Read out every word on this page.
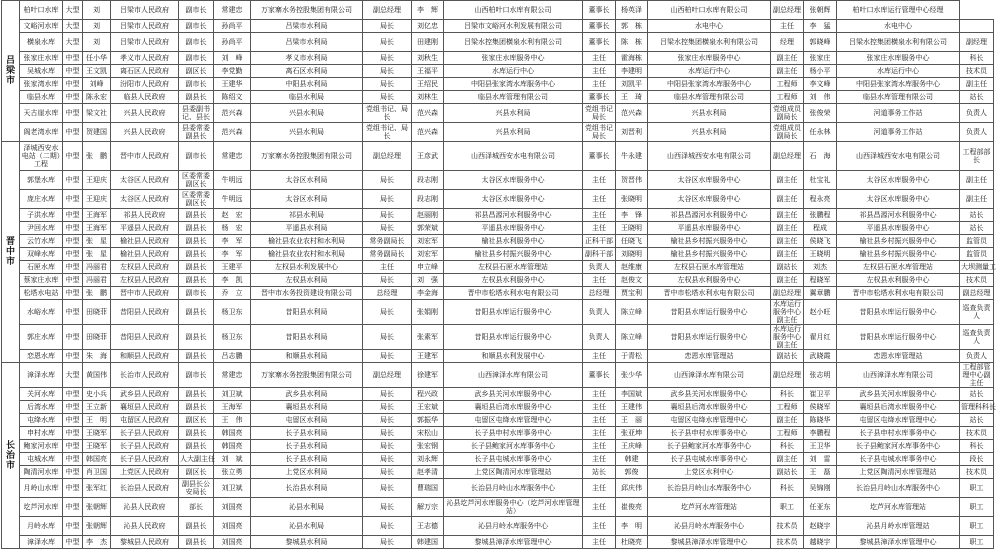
吕梁市	柏叶口水库	大型	刘	吕梁市人民政府	副市长	常建忠	万家寨水务控股集团有限公司	副总经理	李　辉	山西柏叶口水库有限公司	董事长	杨英泽	山西柏叶口水库有限公司	副总经理	张朝辉	柏叶口水库运行管理中心经理	
	文峪河水库	大型	刘	吕梁市人民政府	副市长	孙尚平	吕梁市水利局	局长	刘亿忠	吕梁市文峪河水利发展有限公司	董事长	郭　栋	水电中心	主任	李　猛	水电中心	
	横泉水库	大型	刘	吕梁市人民政府	副市长	孙尚平	吕梁市水利局	局长	田建刚	吕梁水控集团横泉水利有限公司	董事长	陈　栋	吕梁水控集团横泉水利有限公司	经理	郭晓峰	吕梁水控集团横泉水利有限公司	副经理
	张家庄水库	中型	任小华	孝义市人民政府	副市长	刘　峰	孝义市水利局	局长	刘秋生	张家庄水库服务中心	主任	霍海栋	张家庄水库服务中心	副主任	张家庄	张家庄水库服务中心	科长
	吴城水库	中型	王文凯	离石区人民政府	副区长	李党勤	离石区水利局	局长	王福平	水库运行中心	主任	李建明	水库运行中心	副主任	杨小平	水库运行中心	技术员
	张家湾水库	中型	刘峰	汾阳市人民政府	副市长	王建华	中阳县水利局	局长	王绍民	中阳县张家湾水库服务中心	主任	刘凯平	中阳县张家湾水库服务中心	工程师	李文峰	中阳县张家湾水库服务中心	副主任
	临县水库	中型	陈永宏	临县人民政府	副县长	陈绍文	临县水利局	局长	刘林生	临县水库管理有限公司	董事长	王　琦	临县水库管理有限公司	工程师	刘　伟	临县水库管理有限公司	站长
	天古崖水库	中型	梁文社	兴县人民政府	县委副书记、县长	范兴森	兴县水利局	党组书记、局长	范兴森	兴县水利局	党组书记局长	范兴森	兴县水利局	党组成员副局长	张俊荣	河道事务工作站	负责人
	阁老湾水库	中型	贺建国	兴县人民政府	县委常委副县长	范兴森	兴县水利局	党组书记、局长	范兴森	兴县水利局	党组书记局长	刘晋利	兴县水利局	党组成员副局长	任永林	河道事务工作站	负责人
晋中市	泽城西安水电站（二期）工程	中型	张　鹏	晋中市人民政府	副市长	常建忠	万家寨水务控股集团有限公司	副总经理	王彦武	山西泽城西安水电有限公司	董事长	牛永建	山西泽城西安水电有限公司	副总经理	石　海	山西泽城西安水电有限公司	工程部部长
	郭堡水库	中型	王迎庆	太谷区人民政府	区委常委副区长	牛明远	太谷区水利局	局长	段志刚	太谷区水库服务中心	主任	贺晋伟	太谷区水库服务中心	副主任	杜宝礼	太谷区水库服务中心	副主任
	庞庄水库	中型	王迎庆	太谷区人民政府	区委常委副区长	牛明远	太谷区水利局	局长	段志刚	太谷区水库服务中心	主任	张晓明	太谷区水库服务中心	副主任	程永亮	太谷区水库服务中心	副主任
	子洪水库	中型	王海军	祁县人民政府	副县长	赵　宏	祁县水利局	局长	赵丽刚	祁县昌源河水利服务中心	主任	李　锋	祁县昌源河水利服务中心	副主任	张鹏程	祁县昌源河水利服务中心	站长
	尹回水库	中型	王海军	平遥县人民政府	副县长	杨　宏	平遥县水利局	局长	郭荣斌	平遥县水库服务中心	主任	王晓明	平遥县水库服务中心	副主任	程成	平遥县水库服务中心	站长
	云竹水库	中型	张　星	榆社县人民政府	副县长	李　军	榆社县农业农村和水利局	常务副局长	刘宏军	榆社县水利服务中心	正科干部	任晓飞	榆社县乡村振兴服务中心	副主任	侯晓飞	榆社县乡村振兴服务中心	监管员
	双峰水库	中型	张　星	榆社县人民政府	副县长	李　军	榆社县农业农村和水利局	常务副局长	刘宏军	榆社县乡村振兴服务中心	副科干部	刘晓明	榆社县乡村振兴服务中心	副主任	王晓明	榆社县乡村振兴服务中心	监管员
	石匣水库	中型	冯丽君	左权县人民政府	副县长	王建平	左权县水利发展中心	主任	申立峰	左权县石匣水库管理站	负责人	赵维康	左权县石匣水库管理站	副站长	刘杰	左权县石匣水库管理站	大坝测量工
	蔡家庄水库	中型	冯丽君	左权县人民政府	副县长	李　凯	左权县水利局	局长	刘　强	左权县水利服务中心	主任	赵俊文	左权县水利服务中心	副主任	程晓军	左权县水利服务中心	技术员
	松塔水电站	中型	张　鹏	晋中市人民政府	副市长	乔　立	晋中市水务投资建设有限公司	总经理	李金海	晋中市松塔水利水电有限公司	总经理	贾宝利	晋中市松塔水利水电有限公司	副总经理	翼章鹏	晋中市松塔水利水电有限公司	副总经理
	水峪水库	中型	田晓菲	昔阳县人民政府	副县长	杨卫东	昔阳县水利局	局长	张娟刚	昔阳县水库运行服务中心	负责人	陈立峰	昔阳县水库运行服务中心	水库运行服务中心副主任	赵小旺	昔阳县水库运行服务中心	巡查负责人
	郭庄水库	中型	田晓菲	昔阳县人民政府	副县长	杨卫东	昔阳县水利局	局长	张素军	昔阳县水库运行服务中心	负责人	陈立峰	昔阳县水库运行服务中心	水库运行服务中心副主任	翟月红	昔阳县水库运行服务中心	巡查负责人
	恋恩水库	中型	朱　海	和顺县人民政府	副县长	吕志鹏	和顺县水利局	局长	王建军	和顺县水利发展中心	主任	于青松	恋恩水库管理站	副站长	武晓霞	恋恩水库管理站	负责人
长治市	漳泽水库	大型	黄国伟	长治市人民政府	副市长	常建忠	万家寨水务控股集团有限公司	副总经理	徐建军	山西漳泽水库有限公司	董事长	张少华	山西漳泽水库有限公司	副总经理	张志明	山西漳泽水库有限公司	工程部管理中心副主任
	关河水库	中型	史小兵	武乡县人民政府	副县长	刘卫斌	武乡县水利局	局长	程兴政	武乡县关河水库服务中心	主任	李国斌	武乡县关河水库服务中心	科长	崔卫平	武乡县关河水库服务中心	站长
	后湾水库	中型	王立新	襄垣县人民政府	副县长	王海军	襄垣县水利局	局长	王宏斌	襄垣县后湾水库服务中心	主任	王建伟	襄垣县后湾水库服务中心	工程师	侯晓军	襄垣县后湾水库服务中心	管理科科长
	屯绛水库	中型	王　明	屯留区人民政府	副区长	王　伟	屯留区水利局	局长	郭振华	屯留区屯绛水库管理中心	主任	王　丽	屯留区屯绛水库管理中心	副主任	陈晓华	屯留区屯绛水库管理中心	站长
	申村水库	中型	王晓军	长子县人民政府	副县长	韩国亮	长子县水利局	局长	宋松山	长子县申村水库事务中心	主任	张亚坤	长子县申村水库事务中心	工程师	李鹏程	长子县申村水库事务中心	技术员
	鲍家河水库	中型	王晓军	长子县人民政府	副县长	韩国亮	长子县水利局	局长	张宏钢	长子县鲍家河水库事务中心	主任	王庆峰	长子县鲍家河水库事务中心	科长	王卫华	长子县鲍家河水库事务中心	科长
	屯城水库	中型	韩国亮	长子县人民政府	人大副主任	刘　斌	长子县水利局	局长	刘永辉	长子县屯城水库事务中心	主任	韩建	长子县屯城水库事务中心	副主任	刘　雷	长子县屯城水库事务中心	段长
	陶清河水库	中型	肖卫国	上党区人民政府	副区长	张立勇	上党区水利局	局长	赵孝清	上党区陶清河水库管理站	站长	郭俊	上党区水利中心	副站长	王　磊	上党区陶清河水库管理站	技术员
	月岭山水库	中型	张军红	长治县人民政府	副县长公安局长	刘卫斌	长治县水利局	局长	曹瑞国	长治县月岭山水库服务中心	主任	邱庆伟	长治县月岭山水库服务中心	科长	吴锦刚	长治县月岭山水库服务中心	职工
	圪芦河水库	中型	张朝辉	沁县人民政府	部长	刘国亮	沁县水利局	局长	解万宗	沁县圪芦河水库服务中心（圪芦河水库管理站）	主任	崔俊亮	圪芦河水库管理站	职工	任亚东	圪芦河水库管理站	职工
	月岭水库	中型	张朝辉	沁县人民政府	副县长	刘国亮	沁县水利局	局长	王志德	沁县月岭水库服务中心	主任	李　明	沁县月岭水库服务中心	技术员	赵晓宇	沁县月岭水库管理站	职工
	漳泽水库	中型	李　杰	黎城县人民政府	副县长	刘国亮	黎城县水利局	局长	韩建国	黎城县漳泽水库管理中心	主任	杜晓亮	黎城县漳泽水库管理中心	技术员	越晓宇	黎城县漳泽水库管理中心	职工
